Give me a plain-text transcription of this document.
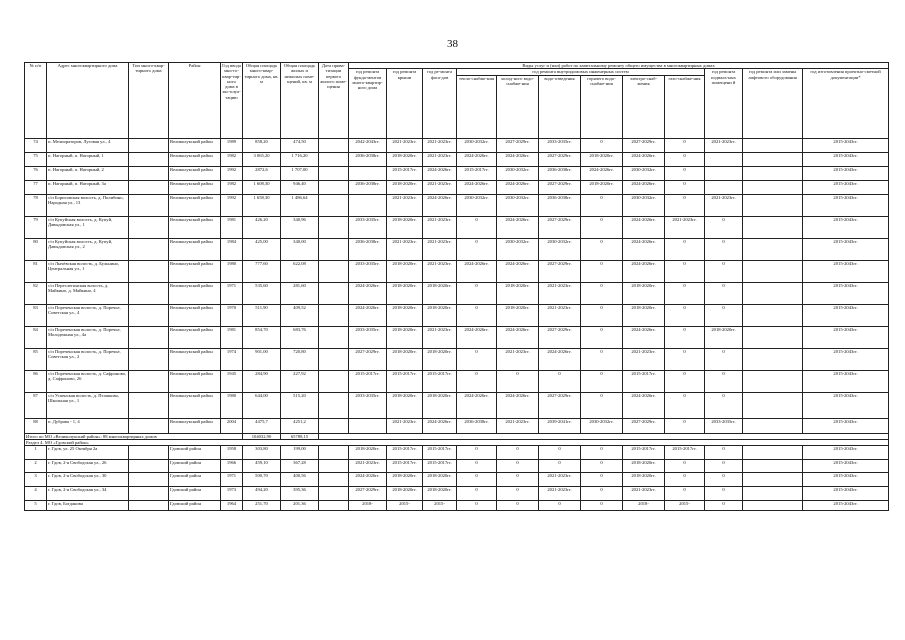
38
№ п/п	Адрес многоквартирного дома	Тип много-квар-тирного дома	Район	Год ввода мно-го-квар-тир-ного дома в экс-плуа-тацию	Общая площадь много-квар-тирного дома, кв. м	Общая площадь жилых и нежилых поме-щений, кв. м	Дата прива-тизации первого жилого поме-щения	Виды услуг и (или) работ по капитальному ремонту общего имущества в многоквартирных домах											
								год ремонта фунда-ментов много-квартир-ного дома	год ремонта крыши	год ре-монта фаса-дов	год ремонта внутридомовых инженерных систем						год ремонта подваль-ных помещени й	год ремонта или замены лифтового оборудования	год изготовления проектно-сметной документации*
											тепло-снабже-ния	холод-ного водо-снабже-ния	водо-отведения	горячего водо-снабже-ния	электро-снаб-жения	газо-снабже-ния			
74	п. Мелиораторов, Луговая ул., 4		Великолукский район	1989	858,20	474,50		2042-2043гг.	2021-2023гг.	2021-2023гг.	2030-2032гг.	2027-2029гг.	2033-2035гг.	0	2027-2029гг.	0	2021-2023гг.		2015-2043гг.
75	п. Нагорный, п. Нагорный, 1		Великолукский район	1982	3 065,20	1 716,20		2036-2038гг.	2018-2020гг.	2021-2023гг.	2024-2026гг.	2024-2026гг.	2027-2029гг.	2018-2020гг.	2024-2026гг.	0			2015-2043гг.
76	п. Нагорный, п. Нагорный, 2		Великолукский район	1992	2872,6	1 707,00			2015-2017гг.	2024-2026гг.	2015-2017гг.	2030-2032гг.	2036-2038гг.	2024-2026гг.	2030-2032гг.	0			2015-2043гг.
77	п. Нагорный, п. Нагорный, 3а		Великолукский район	1982	1 608,30	946,40		2036-2038гг.	2018-2020гг.	2021-2023гг.	2024-2026гг.	2024-2026гг.	2027-2029гг.	2018-2020гг.	2024-2026гг.	0			2015-2043гг.
78	с/п Борисовская волость, д. Полибино, Народная ул., 13		Великолукский район	1992	1 658,30	1 486,64			2021-2023гг.	2024-2026гг.	2030-2032гг.	2030-2032гг.	2036-2038гг.	0	2030-2032гг.	0	2021-2023гг.		2015-2043гг.
79	с/п Купуйская волость, д. Купуй, Давыдовская ул., 1		Великолукский район	1981	426,20	340,96		2033-2035гг.	2018-2020гг.	2021-2023гг.	0	2024-2026гг.	2027-2029гг.	0	2024-2026гг.	2021-2023гг.	0		2015-2043гг.
80	с/п Купуйская волость, д. Купуй, Давыдовская ул., 2		Великолукский район	1984	425,00	340,00		2036-2038гг.	2021-2023гг.	2021-2023гг.	0	2030-2032гг.	2030-2032гг.	0	2024-2026гг.	0	0		2015-2043гг.
81	с/п Лычёвская волость, д. Бульнино, Центральная ул., 1		Великолукский район	1980	777,60	622,08		2033-2035гг.	2018-2020гг.	2021-2023гг.	2024-2026гг.	2024-2026гг.	2027-2029гг.	0	2024-2026гг.	0	0		2015-2043гг.
82	с/п Переслегинская волость, д. Майкино, д. Майкино, 4		Великолукский район	1971	535,60	281,60		2024-2026гг.	2018-2020гг.	2018-2020гг.	0	2018-2020гг.	2021-2023гг.	0	2018-2020гг.	0	0		2015-2043гг.
83	с/п Пореченская волость, д. Поречье, Советская ул., 4		Великолукский район	1970	511,90	409,52		2024-2026гг.	2018-2020гг.	2018-2020гг.	0	2018-2020гг.	2021-2023гг.	0	2018-2020гг.	0	0		2015-2043гг.
84	с/п Пореченская волость, д. Поречье, Молодежная ул., 4а		Великолукский район	1981	854,70	683,76		2033-2035гг.	2018-2020гг.	2021-2023гг.	2024-2026гг.	2024-2026гг.	2027-2029гг.	0	2024-2026гг.	0	2018-2020гг.		2015-2043гг.
85	с/п Пореченская волость, д. Поречье, Советская ул., 2		Великолукский район	1974	901,00	720,80		2027-2029гг.	2018-2020гг.	2018-2020гг.	0	2021-2023гг.	2024-2026гг.	0	2021-2023гг.	0	0		2015-2043гг.
86	с/п Пореченская волость, д. Сафроново, д. Сафроново, 26		Великолукский район	1945	284,90	227,92		2015-2017гг.	2015-2017гг.	2015-2017гг.	0	0	0	0	2015-2017гг.	0	0		2015-2043гг.
87	с/п Успенская волость, д. Пташково, Школьная ул., 1		Великолукский район	1980	644,00	515,20		2033-2035гг.	2018-2020гг.	2018-2020гг.	2024-2026гг.	2024-2026гг.	2027-2029гг.	0	2024-2026гг.	0	0		2015-2043гг.
88	п. Дубрава - 1, 4		Великолукский район	2004	4475,7	4251,2			2021-2023гг.	2024-2026гг.	2036-2038гг.	2021-2023гг.	2039-2041гг.	2030-2032гг.	2027-2029гг.	0	2033-2035гг.		2015-2043гг.
Итого по МО «Великолукский район»: 88 многоквартирных домов					104032,90	65788,15													
Раздел 4. МО «Гдовский район»																			
1	г. Гдов, ул. 25 Октября 2а		Гдовский район	1958	303,80	199,00		2018-2020гг.	2015-2017гг.	2015-2017гг.	0	0	0	0	2015-2017гг.	2015-2017гг.	0		2015-2043гг.
2	г. Гдов, 2-я Свободская ул., 26		Гдовский район	1966	459,10	367,28		2021-2023гг.	2015-2017гг.	2015-2017гг.	0	0	0	0	2018-2020гг.	0	0		2015-2043гг.
3	г. Гдов, 2-я Свободская ул., 30		Гдовский район	1971	500,70	400,56		2024-2026гг.	2018-2020гг.	2018-2020гг.	0	0	2021-2023гг.	0	2018-2020гг.	0	0		2015-2043гг.
4	г. Гдов, 2-я Свободская ул., 34		Гдовский район	1973	494,20	395,36		2027-2029гг.	2018-2020гг.	2018-2020гг.	0	0	2021-2023гг.	0	2021-2023гг.	0	0		2015-2043гг.
5	г. Гдов, Богданова		Гдовский район	1964	251,70	201,36		2018-	2015-	2015-	0	0	0	0	2018-	2015-	0		2015-2043гг.
